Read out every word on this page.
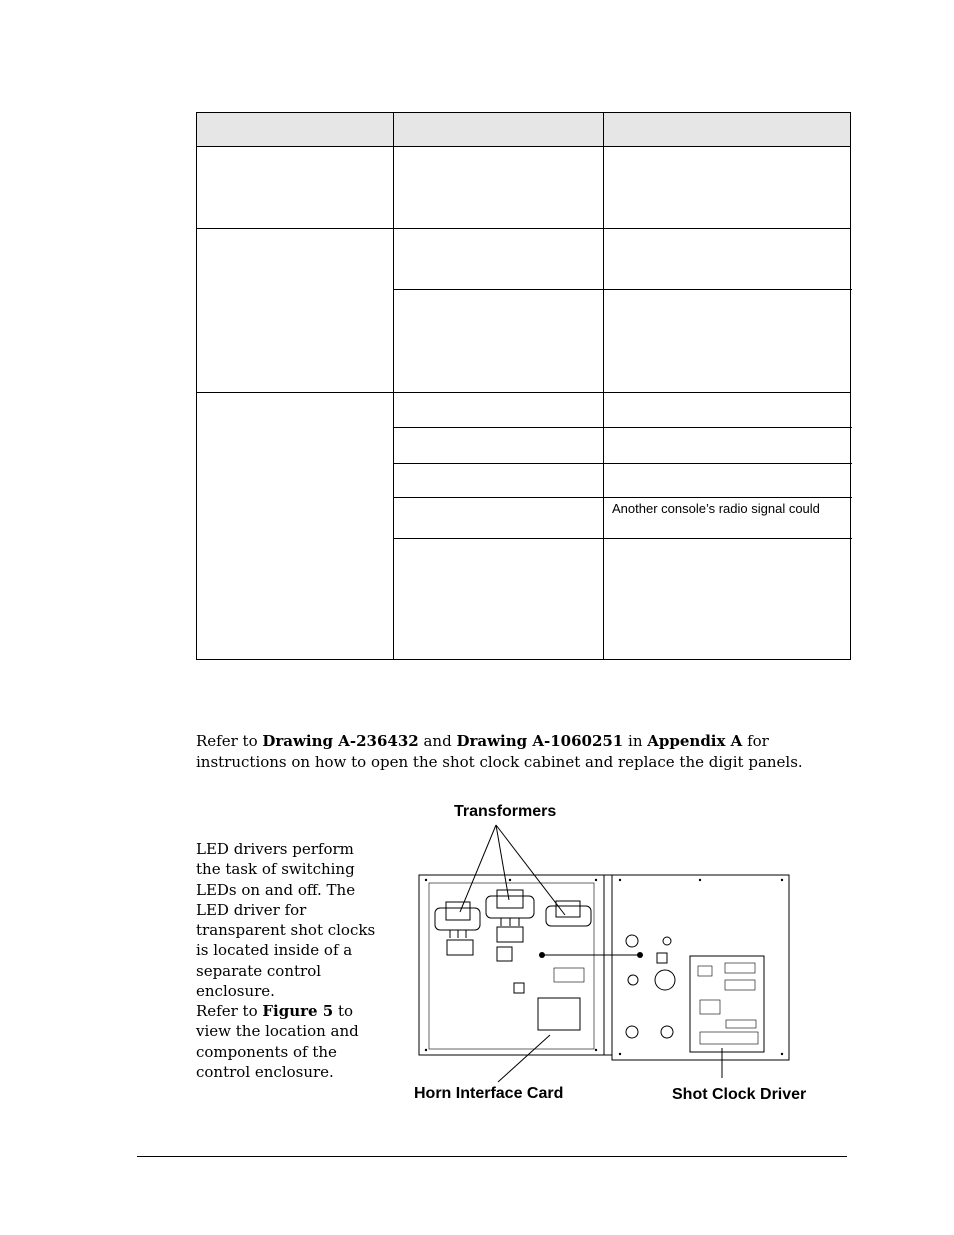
Another console’s radio signal could
Refer to Drawing A-236432 and Drawing A-1060251 in Appendix A for instructions on how to open the shot clock cabinet and replace the digit panels.
LED drivers perform the task of switching LEDs on and off. The LED driver for transparent shot clocks is located inside of a separate control enclosure.
Refer to Figure 5 to view the location and components of the control enclosure.
Transformers
Horn Interface Card	Shot Clock Driver
